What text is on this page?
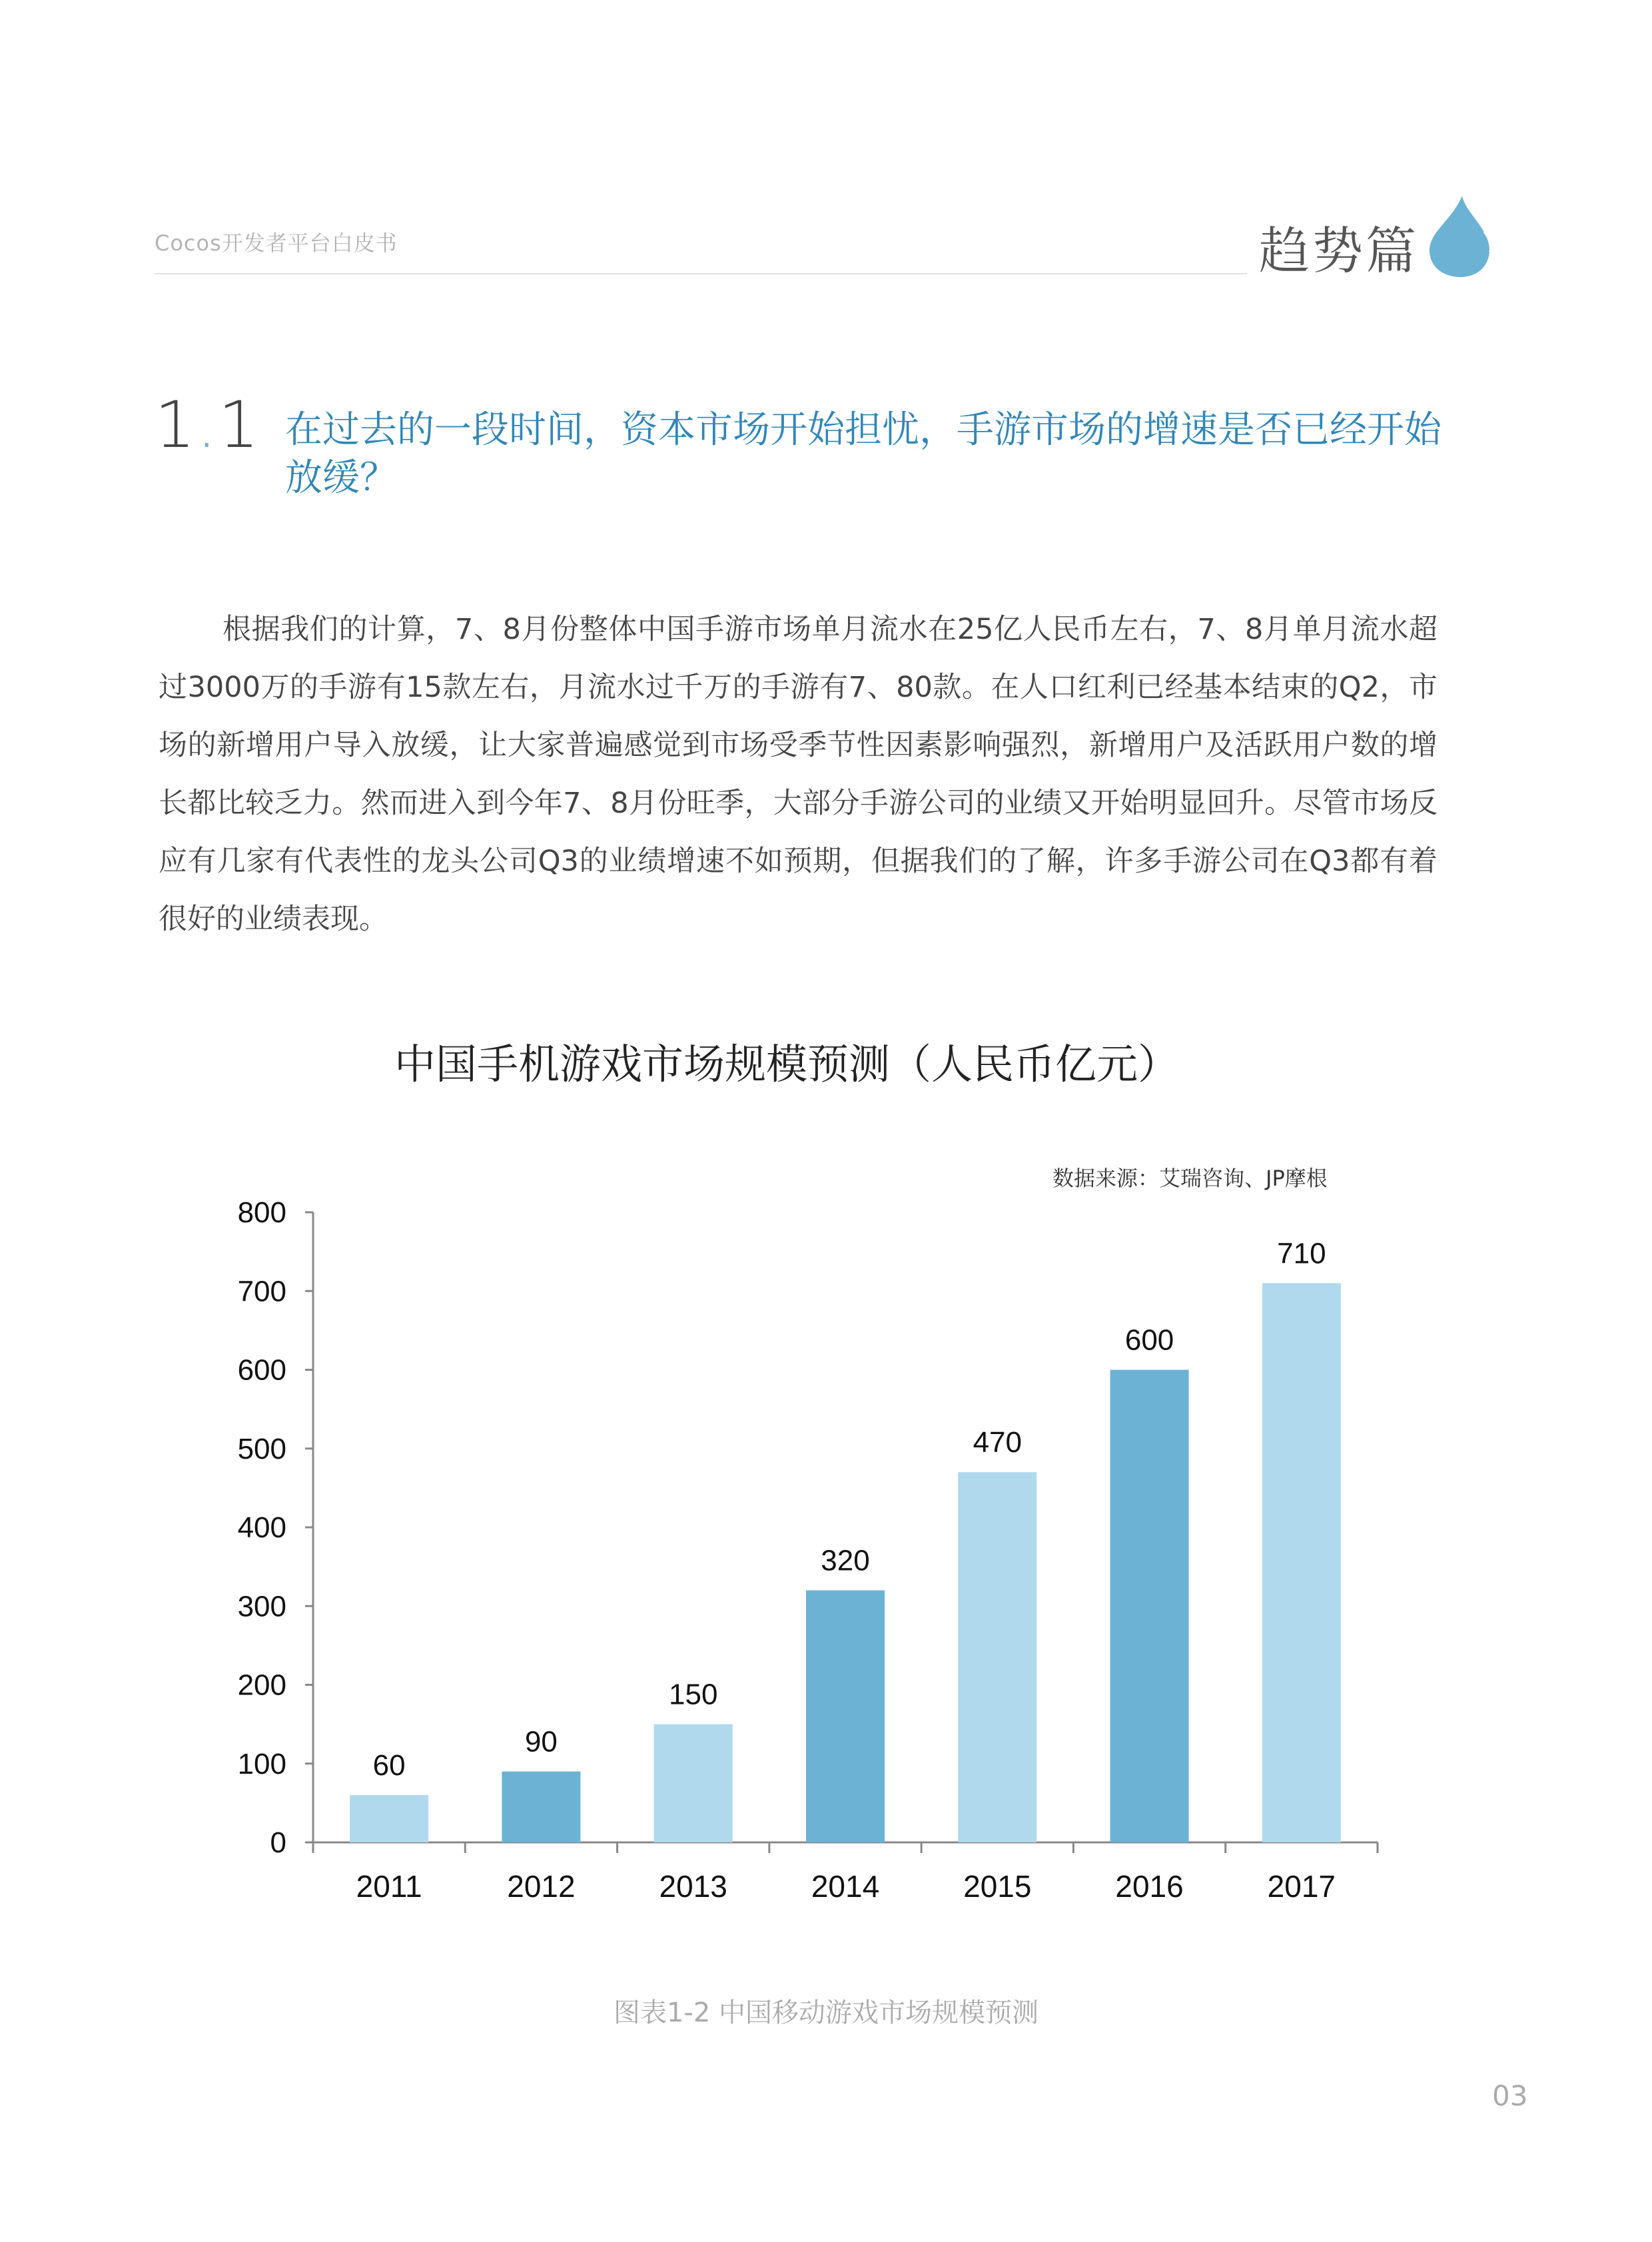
Cocos开发者平台白皮书	趋势篇
1.1 在过去的一段时间，资本市场开始担忧，手游市场的增速是否已经开始放缓？
根据我们的计算，7、8月份整体中国手游市场单月流水在25亿人民币左右，7、8月单月流水超过3000万的手游有15款左右，月流水过千万的手游有7、80款。在人口红利已经基本结束的Q2，市场的新增用户导入放缓，让大家普遍感觉到市场受季节性因素影响强烈，新增用户及活跃用户数的增长都比较乏力。然而进入到今年7、8月份旺季，大部分手游公司的业绩又开始明显回升。尽管市场反应有几家有代表性的龙头公司Q3的业绩增速不如预期，但据我们的了解，许多手游公司在Q3都有着很好的业绩表现。
中国手机游戏市场规模预测（人民币亿元）
数据来源：艾瑞咨询、JP摩根
0
100
200
300
400
500
600
700
800
60
2011
90
2012
150
2013
320
2014
470
2015
600
2016
710
2017
图表1-2 中国移动游戏市场规模预测
03
